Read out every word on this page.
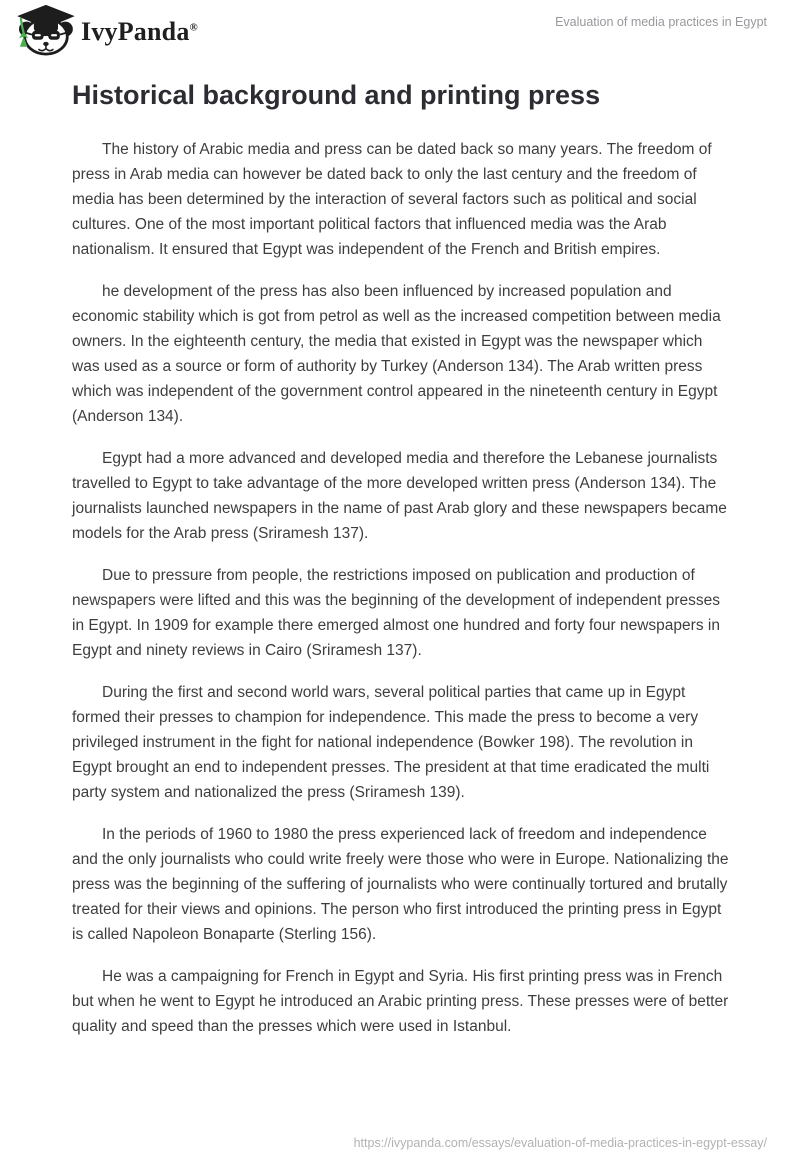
IvyPanda®	Evaluation of media practices in Egypt
Historical background and printing press

The history of Arabic media and press can be dated back so many years. The freedom of press in Arab media can however be dated back to only the last century and the freedom of media has been determined by the interaction of several factors such as political and social cultures. One of the most important political factors that influenced media was the Arab nationalism. It ensured that Egypt was independent of the French and British empires.

he development of the press has also been influenced by increased population and economic stability which is got from petrol as well as the increased competition between media owners. In the eighteenth century, the media that existed in Egypt was the newspaper which was used as a source or form of authority by Turkey (Anderson 134). The Arab written press which was independent of the government control appeared in the nineteenth century in Egypt (Anderson 134).

Egypt had a more advanced and developed media and therefore the Lebanese journalists travelled to Egypt to take advantage of the more developed written press (Anderson 134). The journalists launched newspapers in the name of past Arab glory and these newspapers became models for the Arab press (Sriramesh 137).

Due to pressure from people, the restrictions imposed on publication and production of newspapers were lifted and this was the beginning of the development of independent presses in Egypt. In 1909 for example there emerged almost one hundred and forty four newspapers in Egypt and ninety reviews in Cairo (Sriramesh 137).

During the first and second world wars, several political parties that came up in Egypt formed their presses to champion for independence. This made the press to become a very privileged instrument in the fight for national independence (Bowker 198). The revolution in Egypt brought an end to independent presses. The president at that time eradicated the multi party system and nationalized the press (Sriramesh 139).

In the periods of 1960 to 1980 the press experienced lack of freedom and independence and the only journalists who could write freely were those who were in Europe. Nationalizing the press was the beginning of the suffering of journalists who were continually tortured and brutally treated for their views and opinions. The person who first introduced the printing press in Egypt is called Napoleon Bonaparte (Sterling 156).

He was a campaigning for French in Egypt and Syria. His first printing press was in French but when he went to Egypt he introduced an Arabic printing press. These presses were of better quality and speed than the presses which were used in Istanbul.

https://ivypanda.com/essays/evaluation-of-media-practices-in-egypt-essay/
